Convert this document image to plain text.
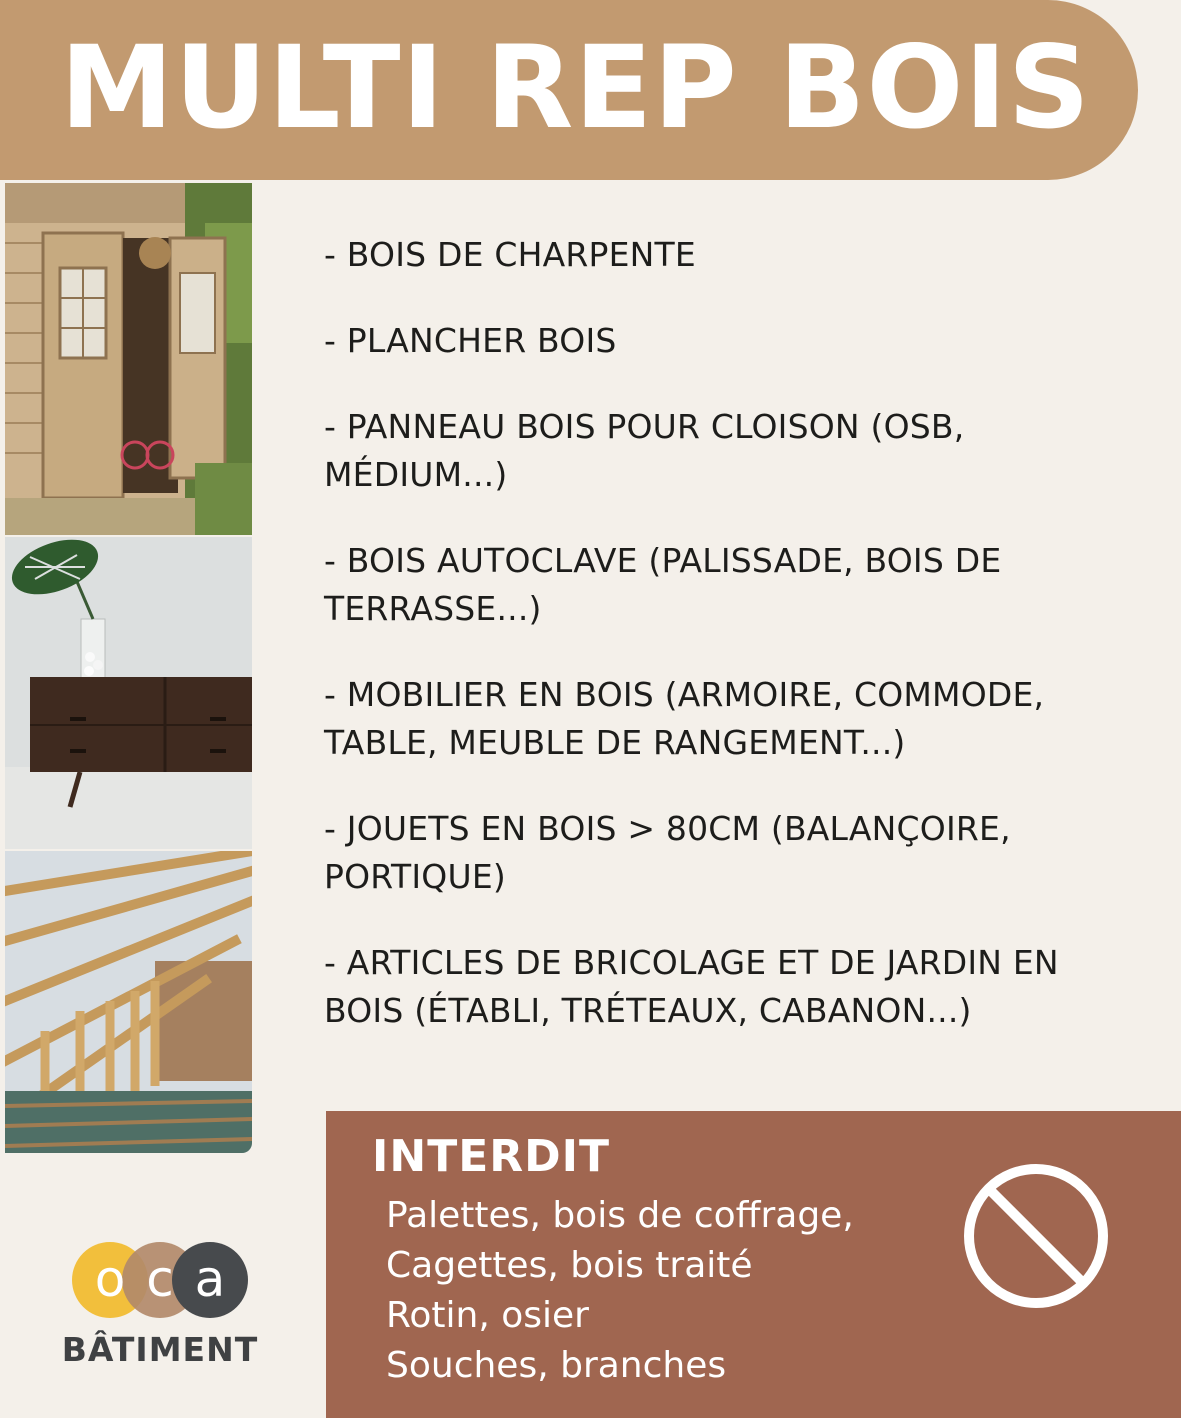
MULTI REP BOIS
- BOIS DE CHARPENTE
- PLANCHER BOIS
- PANNEAU BOIS POUR CLOISON (OSB, MÉDIUM...)
- BOIS AUTOCLAVE (PALISSADE, BOIS DE TERRASSE...)
- MOBILIER EN BOIS (ARMOIRE, COMMODE, TABLE, MEUBLE DE RANGEMENT...)
- JOUETS EN BOIS > 80CM (BALANÇOIRE, PORTIQUE)
- ARTICLES DE BRICOLAGE ET DE JARDIN EN BOIS (ÉTABLI, TRÉTEAUX, CABANON...)
INTERDIT
Palettes, bois de coffrage,
Cagettes, bois traité
Rotin, osier
Souches, branches
o c a
BÂTIMENT
